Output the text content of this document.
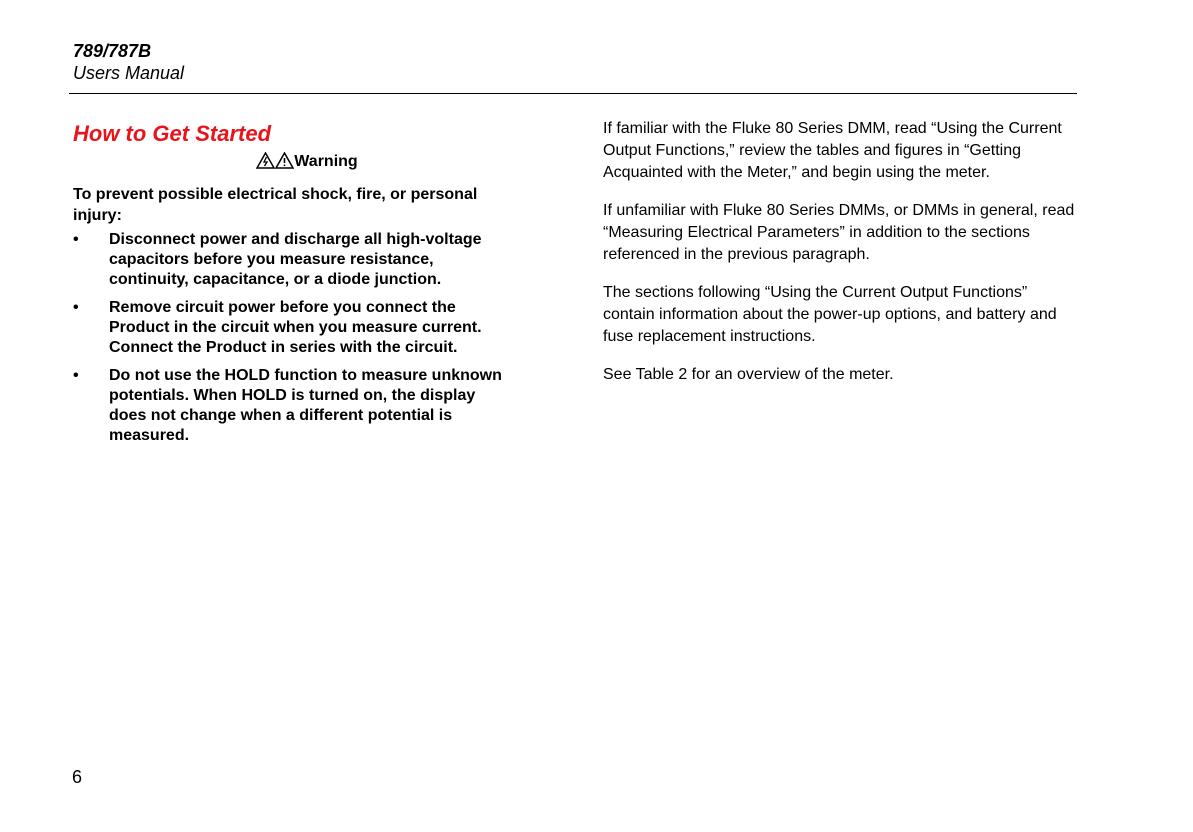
789/787B
Users Manual
How to Get Started
Warning

To prevent possible electrical shock, fire, or personal injury:

• Disconnect power and discharge all high-voltage capacitors before you measure resistance, continuity, capacitance, or a diode junction.
• Remove circuit power before you connect the Product in the circuit when you measure current. Connect the Product in series with the circuit.
• Do not use the HOLD function to measure unknown potentials. When HOLD is turned on, the display does not change when a different potential is measured.

If familiar with the Fluke 80 Series DMM, read “Using the Current Output Functions,” review the tables and figures in “Getting Acquainted with the Meter,” and begin using the meter.

If unfamiliar with Fluke 80 Series DMMs, or DMMs in general, read “Measuring Electrical Parameters” in addition to the sections referenced in the previous paragraph.

The sections following “Using the Current Output Functions” contain information about the power-up options, and battery and fuse replacement instructions.

See Table 2 for an overview of the meter.

6
